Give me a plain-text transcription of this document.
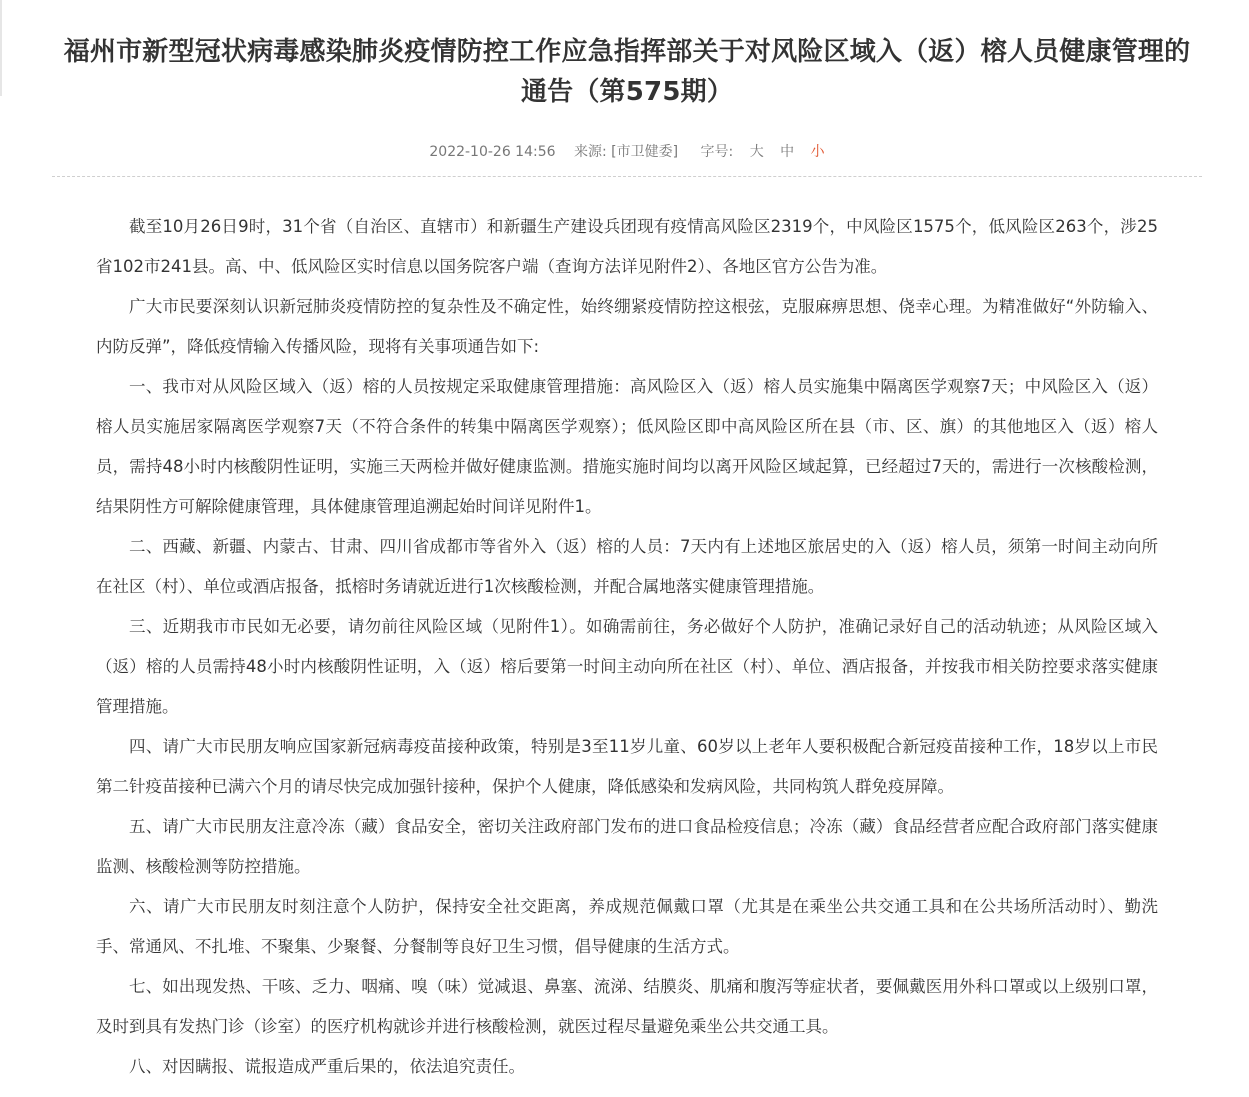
福州市新型冠状病毒感染肺炎疫情防控工作应急指挥部关于对风险区域入（返）榕人员健康管理的通告（第575期）
2022-10-26 14:56 来源: [市卫健委] 字号: 大 中 小

截至10月26日9时，31个省（自治区、直辖市）和新疆生产建设兵团现有疫情高风险区2319个，中风险区1575个，低风险区263个，涉25省102市241县。高、中、低风险区实时信息以国务院客户端（查询方法详见附件2）、各地区官方公告为准。

广大市民要深刻认识新冠肺炎疫情防控的复杂性及不确定性，始终绷紧疫情防控这根弦，克服麻痹思想、侥幸心理。为精准做好“外防输入、内防反弹”，降低疫情输入传播风险，现将有关事项通告如下:

一、我市对从风险区域入（返）榕的人员按规定采取健康管理措施：高风险区入（返）榕人员实施集中隔离医学观察7天；中风险区入（返）榕人员实施居家隔离医学观察7天（不符合条件的转集中隔离医学观察）；低风险区即中高风险区所在县（市、区、旗）的其他地区入（返）榕人员，需持48小时内核酸阴性证明，实施三天两检并做好健康监测。措施实施时间均以离开风险区域起算，已经超过7天的，需进行一次核酸检测，结果阴性方可解除健康管理，具体健康管理追溯起始时间详见附件1。

二、西藏、新疆、内蒙古、甘肃、四川省成都市等省外入（返）榕的人员：7天内有上述地区旅居史的入（返）榕人员，须第一时间主动向所在社区（村）、单位或酒店报备，抵榕时务请就近进行1次核酸检测，并配合属地落实健康管理措施。

三、近期我市市民如无必要，请勿前往风险区域（见附件1）。如确需前往，务必做好个人防护，准确记录好自己的活动轨迹；从风险区域入（返）榕的人员需持48小时内核酸阴性证明，入（返）榕后要第一时间主动向所在社区（村）、单位、酒店报备，并按我市相关防控要求落实健康管理措施。

四、请广大市民朋友响应国家新冠病毒疫苗接种政策，特别是3至11岁儿童、60岁以上老年人要积极配合新冠疫苗接种工作，18岁以上市民第二针疫苗接种已满六个月的请尽快完成加强针接种，保护个人健康，降低感染和发病风险，共同构筑人群免疫屏障。

五、请广大市民朋友注意冷冻（藏）食品安全，密切关注政府部门发布的进口食品检疫信息；冷冻（藏）食品经营者应配合政府部门落实健康监测、核酸检测等防控措施。

六、请广大市民朋友时刻注意个人防护，保持安全社交距离，养成规范佩戴口罩（尤其是在乘坐公共交通工具和在公共场所活动时）、勤洗手、常通风、不扎堆、不聚集、少聚餐、分餐制等良好卫生习惯，倡导健康的生活方式。

七、如出现发热、干咳、乏力、咽痛、嗅（味）觉减退、鼻塞、流涕、结膜炎、肌痛和腹泻等症状者，要佩戴医用外科口罩或以上级别口罩，及时到具有发热门诊（诊室）的医疗机构就诊并进行核酸检测，就医过程尽量避免乘坐公共交通工具。

八、对因瞒报、谎报造成严重后果的，依法追究责任。
